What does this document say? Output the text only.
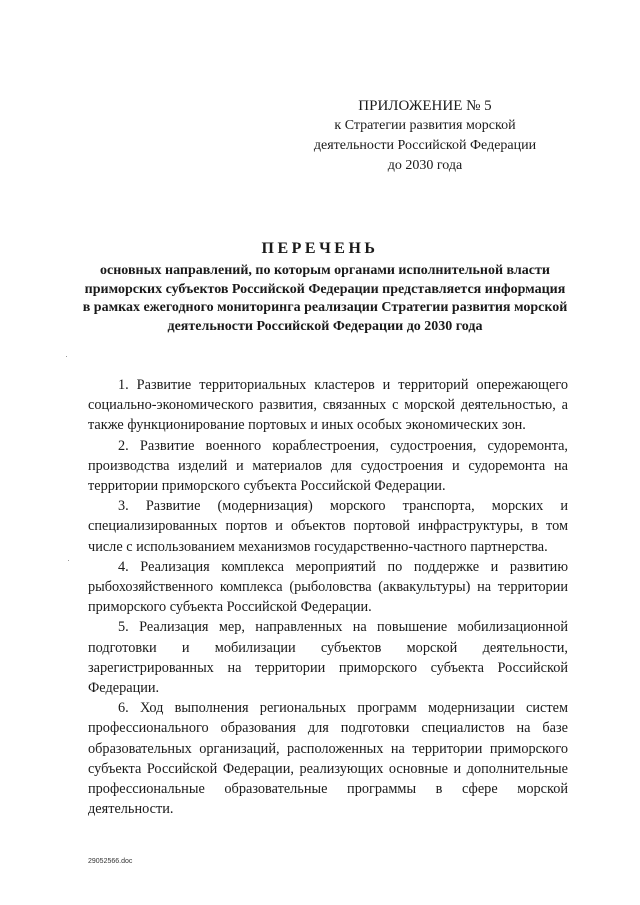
ПРИЛОЖЕНИЕ № 5
к Стратегии развития морской
деятельности Российской Федерации
до 2030 года
ПЕРЕЧЕНЬ
основных направлений, по которым органами исполнительной власти приморских субъектов Российской Федерации представляется информация в рамках ежегодного мониторинга реализации Стратегии развития морской деятельности Российской Федерации до 2030 года

1. Развитие территориальных кластеров и территорий опережающего социально-экономического развития, связанных с морской деятельностью, а также функционирование портовых и иных особых экономических зон.

2. Развитие военного кораблестроения, судостроения, судоремонта, производства изделий и материалов для судостроения и судоремонта на территории приморского субъекта Российской Федерации.

3. Развитие (модернизация) морского транспорта, морских и специализированных портов и объектов портовой инфраструктуры, в том числе с использованием механизмов государственно-частного партнерства.

4. Реализация комплекса мероприятий по поддержке и развитию рыбохозяйственного комплекса (рыболовства (аквакультуры) на территории приморского субъекта Российской Федерации.

5. Реализация мер, направленных на повышение мобилизационной подготовки и мобилизации субъектов морской деятельности, зарегистрированных на территории приморского субъекта Российской Федерации.

6. Ход выполнения региональных программ модернизации систем профессионального образования для подготовки специалистов на базе образовательных организаций, расположенных на территории приморского субъекта Российской Федерации, реализующих основные и дополнительные профессиональные образовательные программы в сфере морской деятельности.

29052566.doc
